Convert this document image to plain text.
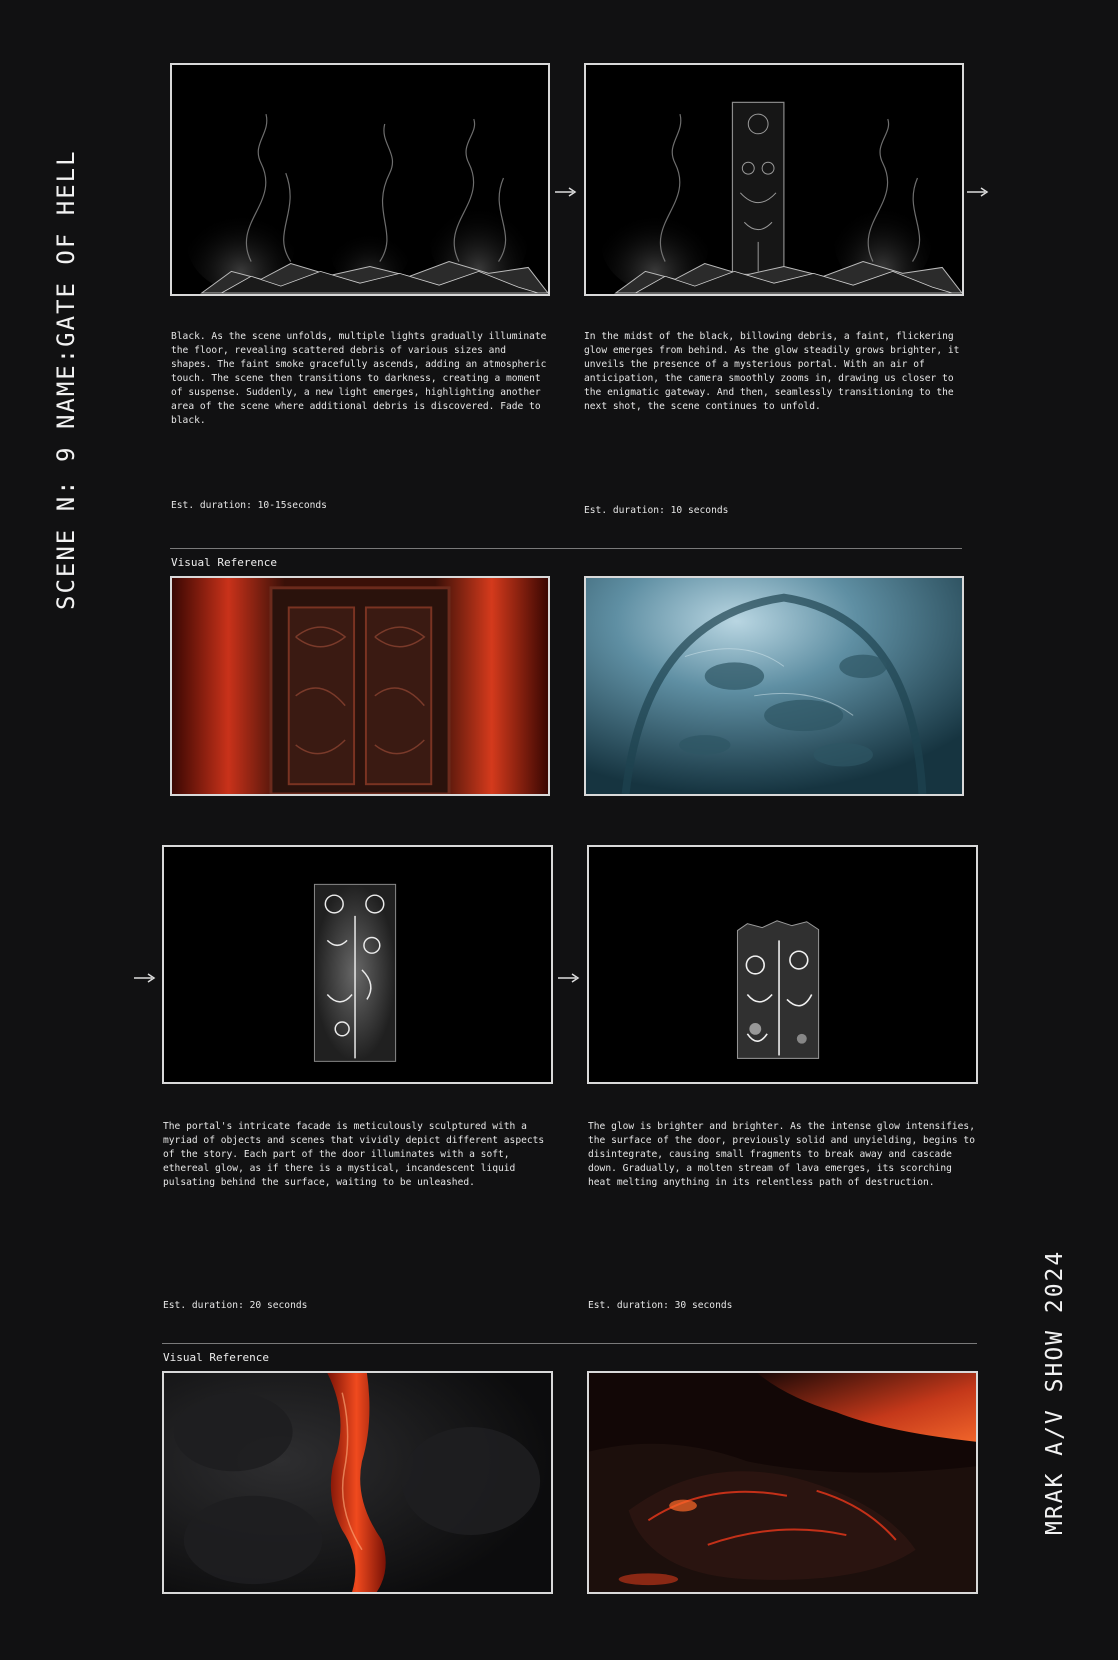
SCENE N: 9 NAME:GATE OF HELL
MRAK A/V SHOW 2024
Black. As the scene unfolds, multiple lights gradually illuminate the floor, revealing scattered debris of various sizes and shapes. The faint smoke gracefully ascends, adding an atmospheric touch. The scene then transitions to darkness, creating a moment of suspense. Suddenly, a new light emerges, highlighting another area of the scene where additional debris is discovered. Fade to black.
In the midst of the black, billowing debris, a faint, flickering glow emerges from behind. As the glow steadily grows brighter, it unveils the presence of a mysterious portal. With an air of anticipation, the camera smoothly zooms in, drawing us closer to the enigmatic gateway. And then, seamlessly transitioning to the next shot, the scene continues to unfold.
Est. duration: 10-15seconds	Est. duration: 10 seconds
Visual Reference
The portal's intricate facade is meticulously sculptured with a myriad of objects and scenes that vividly depict different aspects of the story. Each part of the door illuminates with a soft, ethereal glow, as if there is a mystical, incandescent liquid pulsating behind the surface, waiting to be unleashed.
The glow is brighter and brighter. As the intense glow intensifies, the surface of the door, previously solid and unyielding, begins to disintegrate, causing small fragments to break away and cascade down. Gradually, a molten stream of lava emerges, its scorching heat melting anything in its relentless path of destruction.
Est. duration: 20 seconds	Est. duration: 30 seconds
Visual Reference
